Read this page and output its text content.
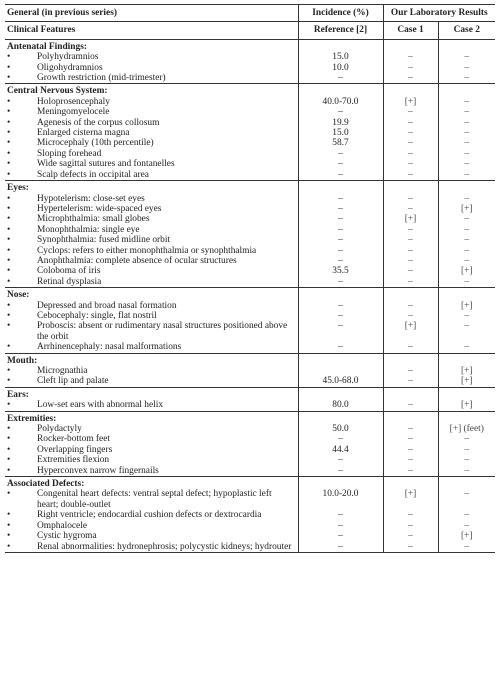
General (in previous series)	Incidence (%)	Our Laboratory Results	
Clinical Features	Reference [2]	Case 1	Case 2
Antenatal Findings:			
• Polyhydramnios	15.0	–	–
• Oligohydramnios	10.0	–	–
• Growth restriction (mid-trimester)	–	–	–
Central Nervous System:			
• Holoprosencephaly	40.0-70.0	[+]	–
• Meningomyelocele	–	–	–
• Agenesis of the corpus collosum	19.9	–	–
• Enlarged cisterna magna	15.0	–	–
• Microcephaly (10th percentile)	58.7	–	–
• Sloping forehead	–	–	–
• Wide sagittal sutures and fontanelles	–	–	–
• Scalp defects in occipital area	–	–	–
Eyes:			
• Hypotelerism: close-set eyes	–	–	–
• Hypertelerism: wide-spaced eyes	–	–	[+]
• Microphthalmia: small globes	–	[+]	–
• Monophthalmia: single eye	–	–	–
• Synophthalmia: fused midline orbit	–	–	–
• Cyclops: refers to either monophthalmia or synophthalmia	–	–	–
• Anophthalmia: complete absence of ocular structures	–	–	–
• Coloboma of iris	35.5	–	[+]
• Retinal dysplasia	–	–	–
Nose:			
• Depressed and broad nasal formation	–	–	[+]
• Cebocephaly: single, flat nostril	–	–	–
• Proboscis: absent or rudimentary nasal structures positioned above the orbit	–	[+]	–
• Arrhinencephaly: nasal malformations	–	–	–
Mouth:			
• Micrognathia		–	[+]
• Cleft lip and palate	45.0-68.0	–	[+]
Ears:			
• Low-set ears with abnormal helix	80.0	–	[+]
Extremities:			
• Polydactyly	50.0	–	[+] (feet)
• Rocker-bottom feet	–	–	–
• Overlapping fingers	44.4	–	–
• Extremities flexion	–	–	–
• Hyperconvex narrow fingernails	–	–	–
Associated Defects:			
• Congenital heart defects: ventral septal defect; hypoplastic left heart; double-outlet	10.0-20.0	[+]	–
• Right ventricle; endocardial cushion defects or dextrocardia	–	–	–
• Omphalocele	–	–	–
• Cystic hygroma	–	–	[+]
• Renal abnormalities: hydronephrosis; polycystic kidneys; hydrouter	–	–	–
